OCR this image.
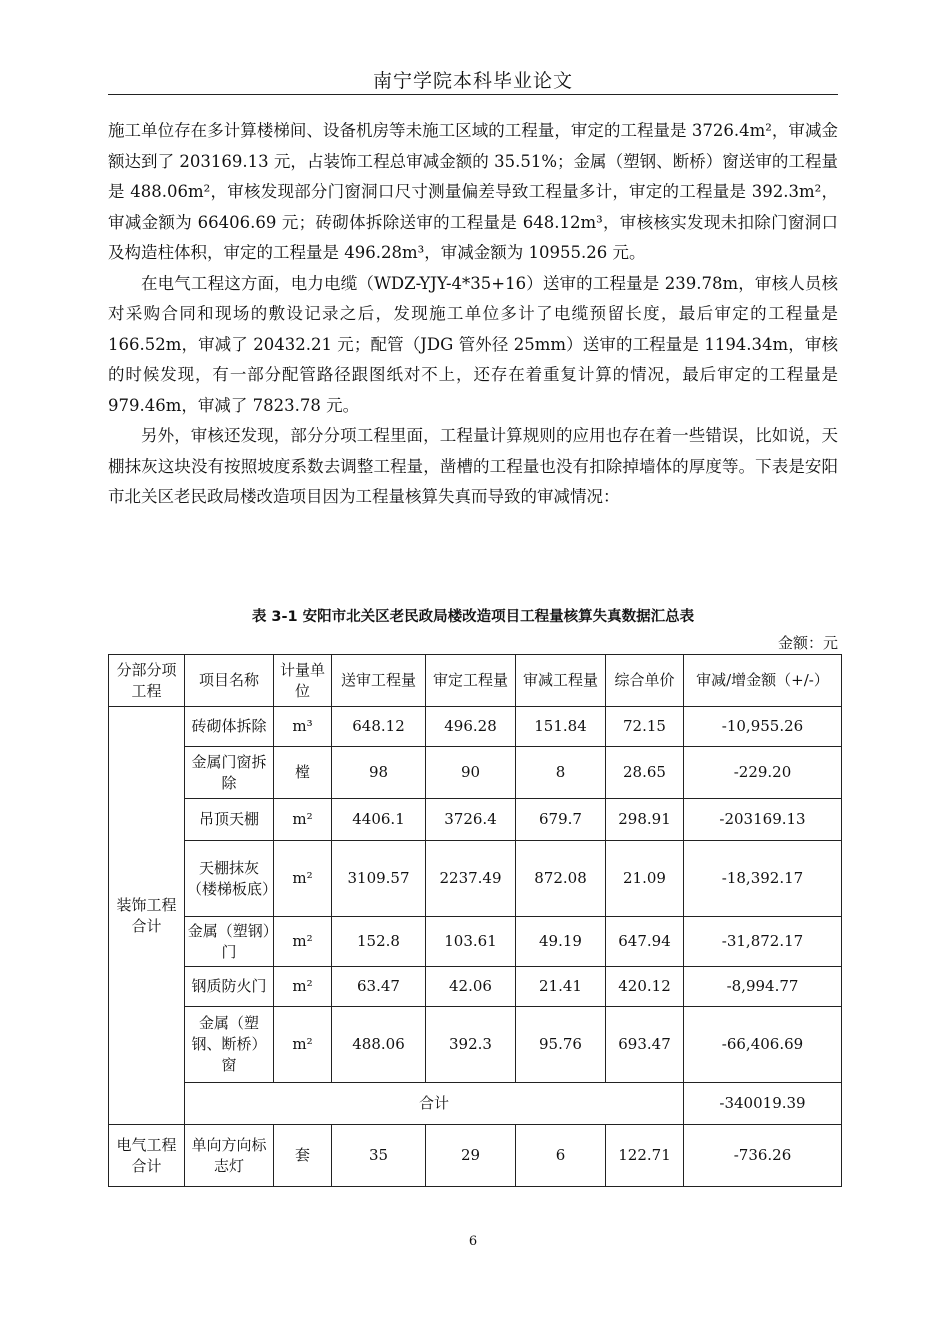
南宁学院本科毕业论文

施工单位存在多计算楼梯间、设备机房等未施工区域的工程量，审定的工程量是 3726.4m²，审减金额达到了 203169.13 元，占装饰工程总审减金额的 35.51%；金属（塑钢、断桥）窗送审的工程量是 488.06m²，审核发现部分门窗洞口尺寸测量偏差导致工程量多计，审定的工程量是 392.3m²，审减金额为 66406.69 元；砖砌体拆除送审的工程量是 648.12m³，审核核实发现未扣除门窗洞口及构造柱体积，审定的工程量是 496.28m³，审减金额为 10955.26 元。

在电气工程这方面，电力电缆（WDZ-YJY-4*35+16）送审的工程量是 239.78m，审核人员核对采购合同和现场的敷设记录之后，发现施工单位多计了电缆预留长度，最后审定的工程量是 166.52m，审减了 20432.21 元；配管（JDG 管外径 25mm）送审的工程量是 1194.34m，审核的时候发现，有一部分配管路径跟图纸对不上，还存在着重复计算的情况，最后审定的工程量是 979.46m，审减了 7823.78 元。

另外，审核还发现，部分分项工程里面，工程量计算规则的应用也存在着一些错误，比如说，天棚抹灰这块没有按照坡度系数去调整工程量，凿槽的工程量也没有扣除掉墙体的厚度等。下表是安阳市北关区老民政局楼改造项目因为工程量核算失真而导致的审减情况：

表 3-1 安阳市北关区老民政局楼改造项目工程量核算失真数据汇总表
金额：元
分部分项工程	项目名称	计量单位	送审工程量	审定工程量	审减工程量	综合单价	审减/增金额（+/-）
装饰工程合计	砖砌体拆除	m³	648.12	496.28	151.84	72.15	-10,955.26
	金属门窗拆除	樘	98	90	8	28.65	-229.20
	吊顶天棚	m²	4406.1	3726.4	679.7	298.91	-203169.13
	天棚抹灰（楼梯板底）	m²	3109.57	2237.49	872.08	21.09	-18,392.17
	金属（塑钢）门	m²	152.8	103.61	49.19	647.94	-31,872.17
	钢质防火门	m²	63.47	42.06	21.41	420.12	-8,994.77
	金属（塑钢、断桥）窗	m²	488.06	392.3	95.76	693.47	-66,406.69
	合计						-340019.39
电气工程合计	单向方向标志灯	套	35	29	6	122.71	-736.26
6
